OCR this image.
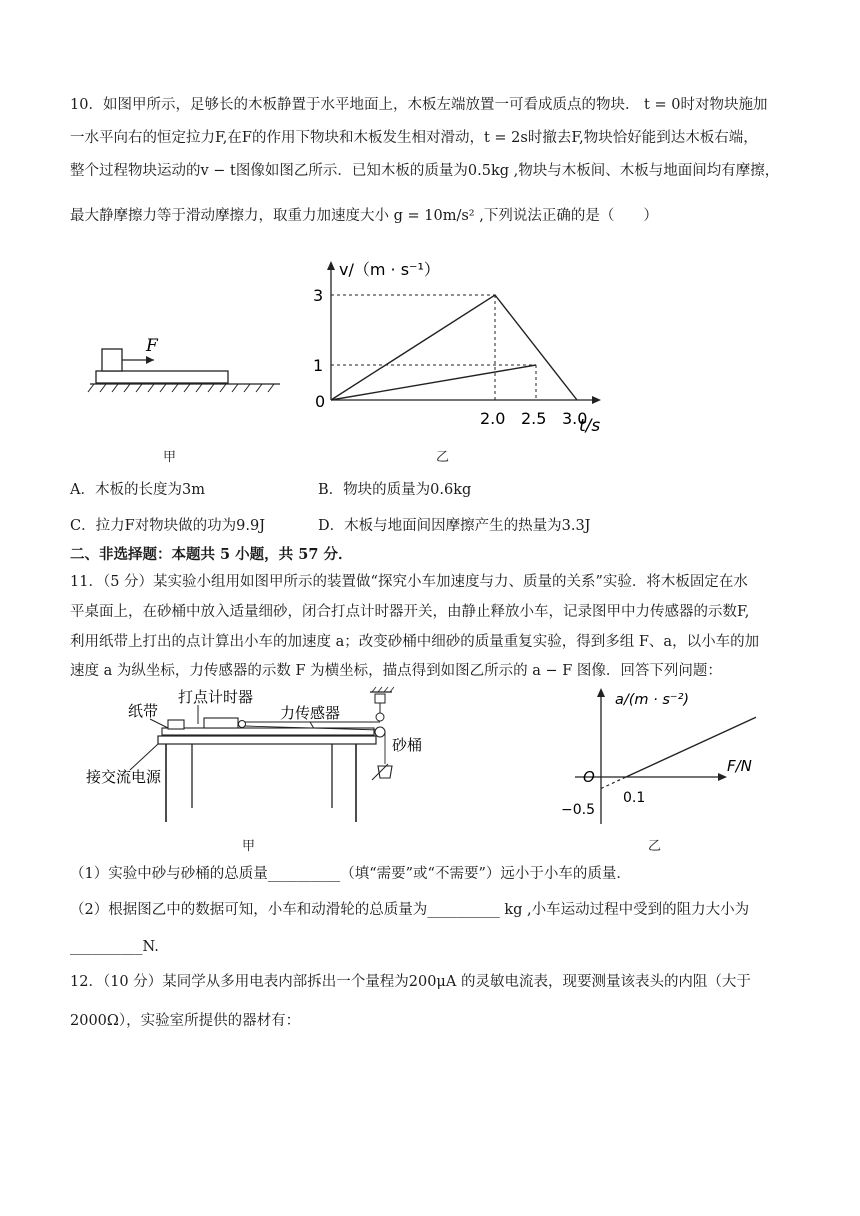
10．如图甲所示，足够长的木板静置于水平地面上，木板左端放置一可看成质点的物块． t = 0时对物块施加
一水平向右的恒定拉力F,在F的作用下物块和木板发生相对滑动，t = 2s时撤去F,物块恰好能到达木板右端，
整个过程物块运动的v − t图像如图乙所示．已知木板的质量为0.5kg ,物块与木板间、木板与地面间均有摩擦，
最大静摩擦力等于滑动摩擦力，取重力加速度大小 g = 10m/s² ,下列说法正确的是（　　）
F
甲
v/（m · s⁻¹）
t/s
0
3
1
2.0 2.5 3.0
乙
A．木板的长度为3m	B．物块的质量为0.6kg
C．拉力F对物块做的功为9.9J	D．木板与地面间因摩擦产生的热量为3.3J
二、非选择题：本题共 5 小题，共 57 分．
11．（5 分）某实验小组用如图甲所示的装置做“探究小车加速度与力、质量的关系”实验．将木板固定在水
平桌面上，在砂桶中放入适量细砂，闭合打点计时器开关，由静止释放小车，记录图甲中力传感器的示数F,
利用纸带上打出的点计算出小车的加速度 a；改变砂桶中细砂的质量重复实验，得到多组 F、a，以小车的加
速度 a 为纵坐标，力传感器的示数 F 为横坐标，描点得到如图乙所示的 a − F 图像．回答下列问题：
打点计时器
纸带	力传感器
砂桶
接交流电源
甲
a/(m · s⁻²)
F/N
O
0.1
−0.5
乙
（1）实验中砂与砂桶的总质量__________（填“需要”或“不需要”）远小于小车的质量．
（2）根据图乙中的数据可知，小车和动滑轮的总质量为__________ kg ,小车运动过程中受到的阻力大小为
__________N.
12．（10 分）某同学从多用电表内部拆出一个量程为200μA 的灵敏电流表，现要测量该表头的内阻（大于
2000Ω），实验室所提供的器材有：
